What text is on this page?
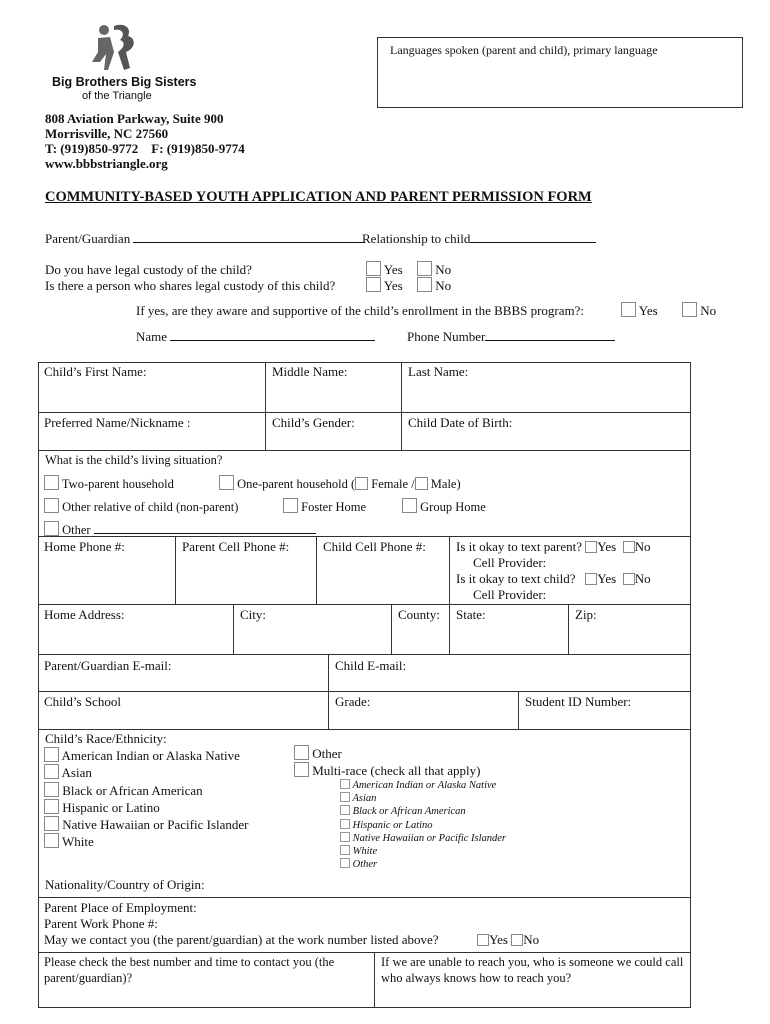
Big Brothers Big Sisters
of the Triangle
808 Aviation Parkway, Suite 900
Morrisville, NC 27560
T: (919)850-9772    F: (919)850-9774
www.bbbstriangle.org
Languages spoken (parent and child), primary language
COMMUNITY-BASED YOUTH APPLICATION AND PARENT PERMISSION FORM
Parent/Guardian	Relationship to child
Do you have legal custody of the child?
Is there a person who shares legal custody of this child?
Yes	No
Yes	No
If yes, are they aware and supportive of the child’s enrollment in the BBBS program?:	Yes	No
Name	Phone Number
Child’s First Name:	Middle Name:	Last Name:
Preferred Name/Nickname :	Child’s Gender:	Child Date of Birth:
What is the child’s living situation?
Two-parent household	One-parent household ( Female / Male)
Other relative of child (non-parent)	Foster Home	Group Home
Other
Home Phone #:	Parent Cell Phone #:	Child Cell Phone #:	Is it okay to text parent? Yes No
Cell Provider:
Is it okay to text child? Yes No
Cell Provider:
Home Address:	City:	County:	State:	Zip:
Parent/Guardian E-mail:	Child E-mail:
Child’s School	Grade:	Student ID Number:
Child’s Race/Ethnicity:
American Indian or Alaska Native
Asian
Black or African American
Hispanic or Latino
Native Hawaiian or Pacific Islander
White
Other
Multi-race (check all that apply)
American Indian or Alaska Native
Asian
Black or African American
Hispanic or Latino
Native Hawaiian or Pacific Islander
White
Other
Nationality/Country of Origin:
Parent Place of Employment:
Parent Work Phone #:
May we contact you (the parent/guardian) at the work number listed above?	Yes No
Please check the best number and time to contact you (the parent/guardian)?
If we are unable to reach you, who is someone we could call who always knows how to reach you?
